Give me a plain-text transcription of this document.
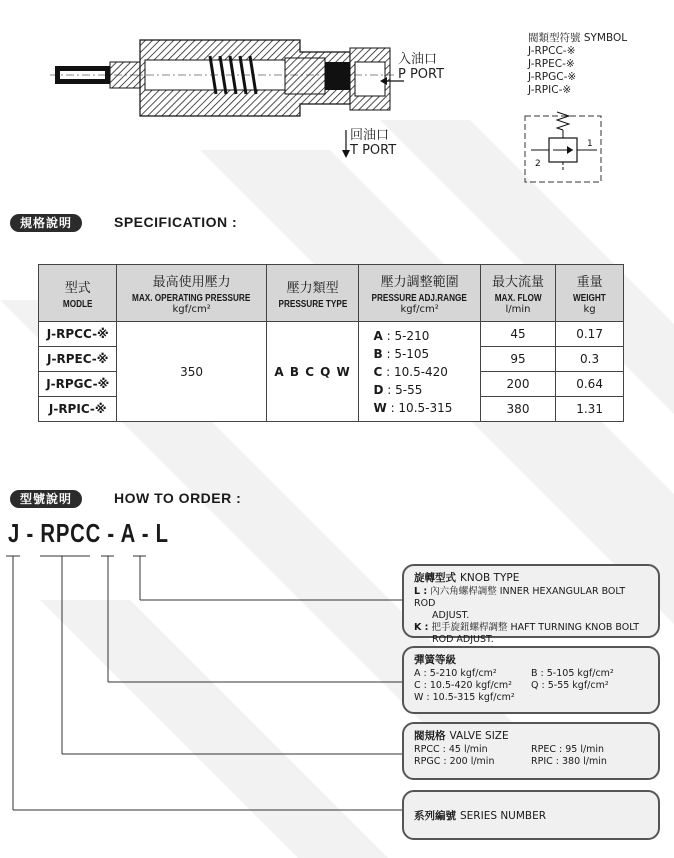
入油口
P PORT
回油口
T PORT
閥類型符號 SYMBOL
J-RPCC-※
J-RPEC-※
J-RPGC-※
J-RPIC-※
2
1
規格說明	SPECIFICATION :
型式
MODLE	最高使用壓力
MAX. OPERATING PRESSURE
kgf/cm²	壓力類型
PRESSURE TYPE	壓力調整範圍
PRESSURE ADJ.RANGE
kgf/cm²	最大流量
MAX. FLOW
l/min	重量
WEIGHT
kg

J-RPCC-※	350	A B C Q W	A : 5-210
B : 5-105
C : 10.5-420
D : 5-55
W : 10.5-315	45	0.17
J-RPEC-※				95	0.3
J-RPGC-※				200	0.64
J-RPIC-※				380	1.31
型號說明	HOW TO ORDER :
J - RPCC - A - L
旋轉型式 KNOB TYPE
L : 內六角螺桿調整 INNER HEXANGULAR BOLT ROD
ADJUST.
K : 把手旋鈕螺桿調整 HAFT TURNING KNOB BOLT
ROD ADJUST.
彈簧等級
A : 5-210 kgf/cm²	B : 5-105 kgf/cm²
C : 10.5-420 kgf/cm²	Q : 5-55 kgf/cm²
W : 10.5-315 kgf/cm²
閥規格 VALVE SIZE
RPCC : 45 l/min	RPEC : 95 l/min
RPGC : 200 l/min	RPIC : 380 l/min
系列編號 SERIES NUMBER
